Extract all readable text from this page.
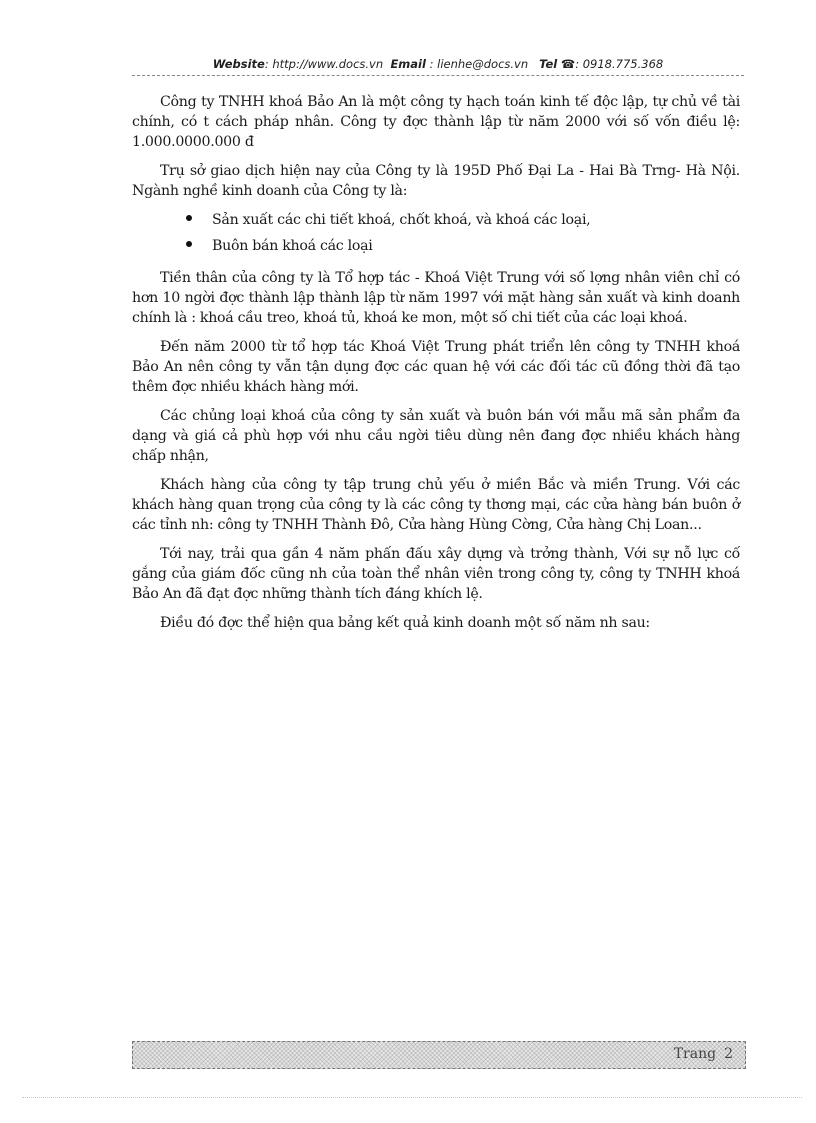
Website: http://www.docs.vn Email : lienhe@docs.vn Tel ☎: 0918.775.368

Công ty TNHH khoá Bảo An là một công ty hạch toán kinh tế độc lập, tự chủ về tài chính, có t cách pháp nhân. Công ty đợc thành lập từ năm 2000 với số vốn điều lệ: 1.000.0000.000 đ

Trụ sở giao dịch hiện nay của Công ty là 195D Phố Đại La - Hai Bà Trng- Hà Nội. Ngành nghề kinh doanh của Công ty là:

Sản xuất các chi tiết khoá, chốt khoá, và khoá các loại,
Buôn bán khoá các loại

Tiền thân của công ty là Tổ hợp tác - Khoá Việt Trung với số lợng nhân viên chỉ có hơn 10 ngời đợc thành lập thành lập từ năm 1997 với mặt hàng sản xuất và kinh doanh chính là : khoá cầu treo, khoá tủ, khoá ke mon, một số chi tiết của các loại khoá.

Đến năm 2000 từ tổ hợp tác Khoá Việt Trung phát triển lên công ty TNHH khoá Bảo An nên công ty vẫn tận dụng đợc các quan hệ với các đối tác cũ đồng thời đã tạo thêm đợc nhiều khách hàng mới.

Các chủng loại khoá của công ty sản xuất và buôn bán với mẫu mã sản phẩm đa dạng và giá cả phù hợp với nhu cầu ngời tiêu dùng nên đang đợc nhiều khách hàng chấp nhận,

Khách hàng của công ty tập trung chủ yếu ở miền Bắc và miền Trung. Với các khách hàng quan trọng của công ty là các công ty thơng mại, các cửa hàng bán buôn ở các tỉnh nh: công ty TNHH Thành Đô, Cửa hàng Hùng Cờng, Cửa hàng Chị Loan...

Tới nay, trải qua gần 4 năm phấn đấu xây dựng và trởng thành, Với sự nỗ lực cố gắng của giám đốc cũng nh của toàn thể nhân viên trong công ty, công ty TNHH khoá Bảo An đã đạt đợc những thành tích đáng khích lệ.

Điều đó đợc thể hiện qua bảng kết quả kinh doanh một số năm nh sau:

Trang 2
